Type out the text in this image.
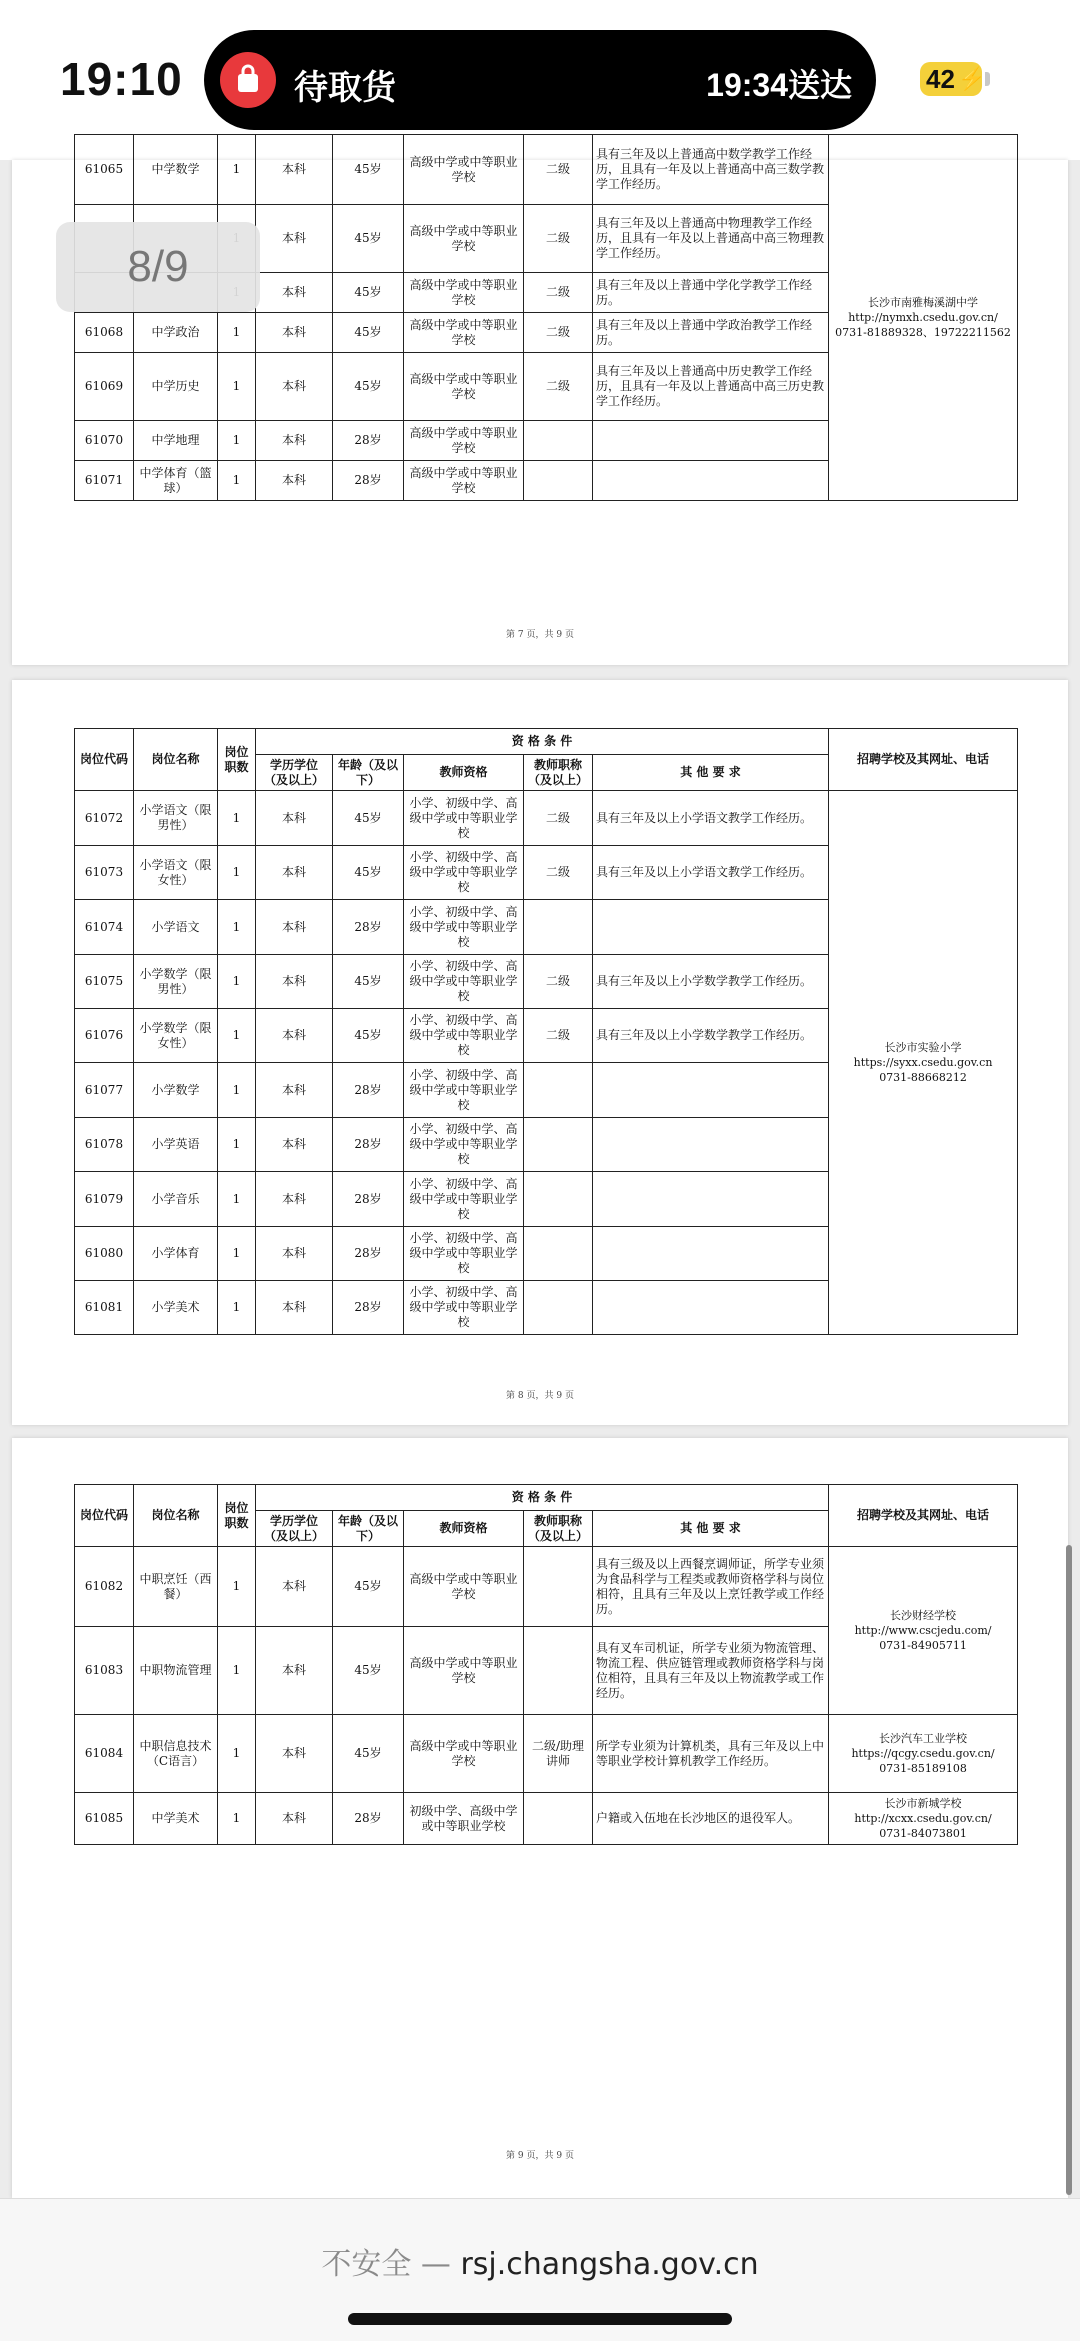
19:10	待取货	19:34送达	42 ⚡
61065	中学数学	1	本科	45岁	高级中学或中等职业学校	二级	具有三年及以上普通高中数学教学工作经历，且具有一年及以上普通高中高三数学教学工作经历。	长沙市南雅梅溪湖中学
http://nymxh.csedu.gov.cn/
0731-81889328、19722211562
			本科	45岁	高级中学或中等职业学校	二级	具有三年及以上普通高中物理教学工作经历，且具有一年及以上普通高中高三物理教学工作经历。	
			本科	45岁	高级中学或中等职业学校	二级	具有三年及以上普通中学化学教学工作经历。	
61068	中学政治	1	本科	45岁	高级中学或中等职业学校	二级	具有三年及以上普通中学政治教学工作经历。	
61069	中学历史	1	本科	45岁	高级中学或中等职业学校	二级	具有三年及以上普通高中历史教学工作经历，且具有一年及以上普通高中高三历史教学工作经历。	
61070	中学地理	1	本科	28岁	高级中学或中等职业学校			
61071	中学体育（篮球）	1	本科	28岁	高级中学或中等职业学校			
第 7 页，共 9 页
岗位代码	岗位名称	岗位职数	资 格 条 件					招聘学校及其网址、电话
			学历学位（及以上）	年龄（及以下）	教师资格	教师职称（及以上）	其 他 要 求	
61072	小学语文（限男性）	1	本科	45岁	小学、初级中学、高级中学或中等职业学校	二级	具有三年及以上小学语文教学工作经历。	长沙市实验小学
https://syxx.csedu.gov.cn
0731-88668212
61073	小学语文（限女性）	1	本科	45岁	小学、初级中学、高级中学或中等职业学校	二级	具有三年及以上小学语文教学工作经历。	
61074	小学语文	1	本科	28岁	小学、初级中学、高级中学或中等职业学校			
61075	小学数学（限男性）	1	本科	45岁	小学、初级中学、高级中学或中等职业学校	二级	具有三年及以上小学数学教学工作经历。	
61076	小学数学（限女性）	1	本科	45岁	小学、初级中学、高级中学或中等职业学校	二级	具有三年及以上小学数学教学工作经历。	
61077	小学数学	1	本科	28岁	小学、初级中学、高级中学或中等职业学校			
61078	小学英语	1	本科	28岁	小学、初级中学、高级中学或中等职业学校			
61079	小学音乐	1	本科	28岁	小学、初级中学、高级中学或中等职业学校			
61080	小学体育	1	本科	28岁	小学、初级中学、高级中学或中等职业学校			
61081	小学美术	1	本科	28岁	小学、初级中学、高级中学或中等职业学校			
第 8 页，共 9 页
岗位代码	岗位名称	岗位职数	资 格 条 件					招聘学校及其网址、电话
			学历学位（及以上）	年龄（及以下）	教师资格	教师职称（及以上）	其 他 要 求	
61082	中职烹饪（西餐）	1	本科	45岁	高级中学或中等职业学校		具有三级及以上西餐烹调师证，所学专业须为食品科学与工程类或教师资格学科与岗位相符，且具有三年及以上烹饪教学或工作经历。	长沙财经学校
http://www.cscjedu.com/
0731-84905711
61083	中职物流管理	1	本科	45岁	高级中学或中等职业学校		具有叉车司机证，所学专业须为物流管理、物流工程、供应链管理或教师资格学科与岗位相符，且具有三年及以上物流教学或工作经历。	
61084	中职信息技术（C语言）	1	本科	45岁	高级中学或中等职业学校	二级/助理讲师	所学专业须为计算机类，具有三年及以上中等职业学校计算机教学工作经历。	长沙汽车工业学校
https://qcgy.csedu.gov.cn/
0731-85189108
61085	中学美术	1	本科	28岁	初级中学、高级中学或中等职业学校		户籍或入伍地在长沙地区的退役军人。	长沙市新城学校
http://xcxx.csedu.gov.cn/
0731-84073801
第 9 页，共 9 页
8/9
不安全 — rsj.changsha.gov.cn
